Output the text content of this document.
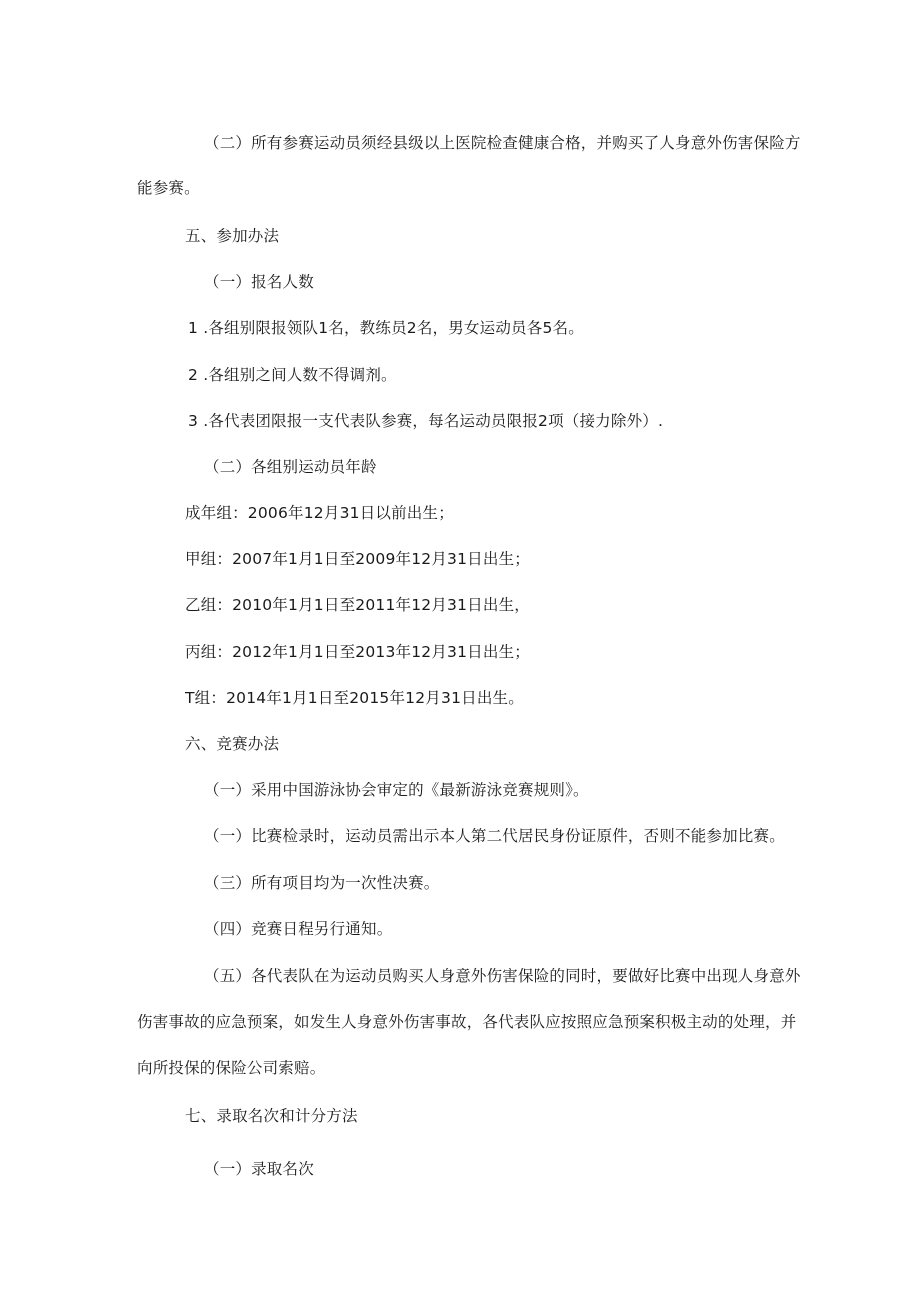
（二）所有参赛运动员须经县级以上医院检查健康合格，并购买了人身意外伤害保险方
能参赛。
五、参加办法
（一）报名人数
1 .各组别限报领队1名，教练员2名，男女运动员各5名。
2 .各组别之间人数不得调剂。
3 .各代表团限报一支代表队参赛，每名运动员限报2项（接力除外）.
（二）各组别运动员年龄
成年组：2006年12月31日以前出生；
甲组：2007年1月1日至2009年12月31日出生；
乙组：2010年1月1日至2011年12月31日出生，
丙组：2012年1月1日至2013年12月31日出生；
T组：2014年1月1日至2015年12月31日出生。
六、竞赛办法
（一）采用中国游泳协会审定的《最新游泳竞赛规则》。
（一）比赛检录时，运动员需出示本人第二代居民身份证原件，否则不能参加比赛。
（三）所有项目均为一次性决赛。
（四）竞赛日程另行通知。
（五）各代表队在为运动员购买人身意外伤害保险的同时，要做好比赛中出现人身意外
伤害事故的应急预案，如发生人身意外伤害事故，各代表队应按照应急预案积极主动的处理，并
向所投保的保险公司索赔。
七、录取名次和计分方法
（一）录取名次
